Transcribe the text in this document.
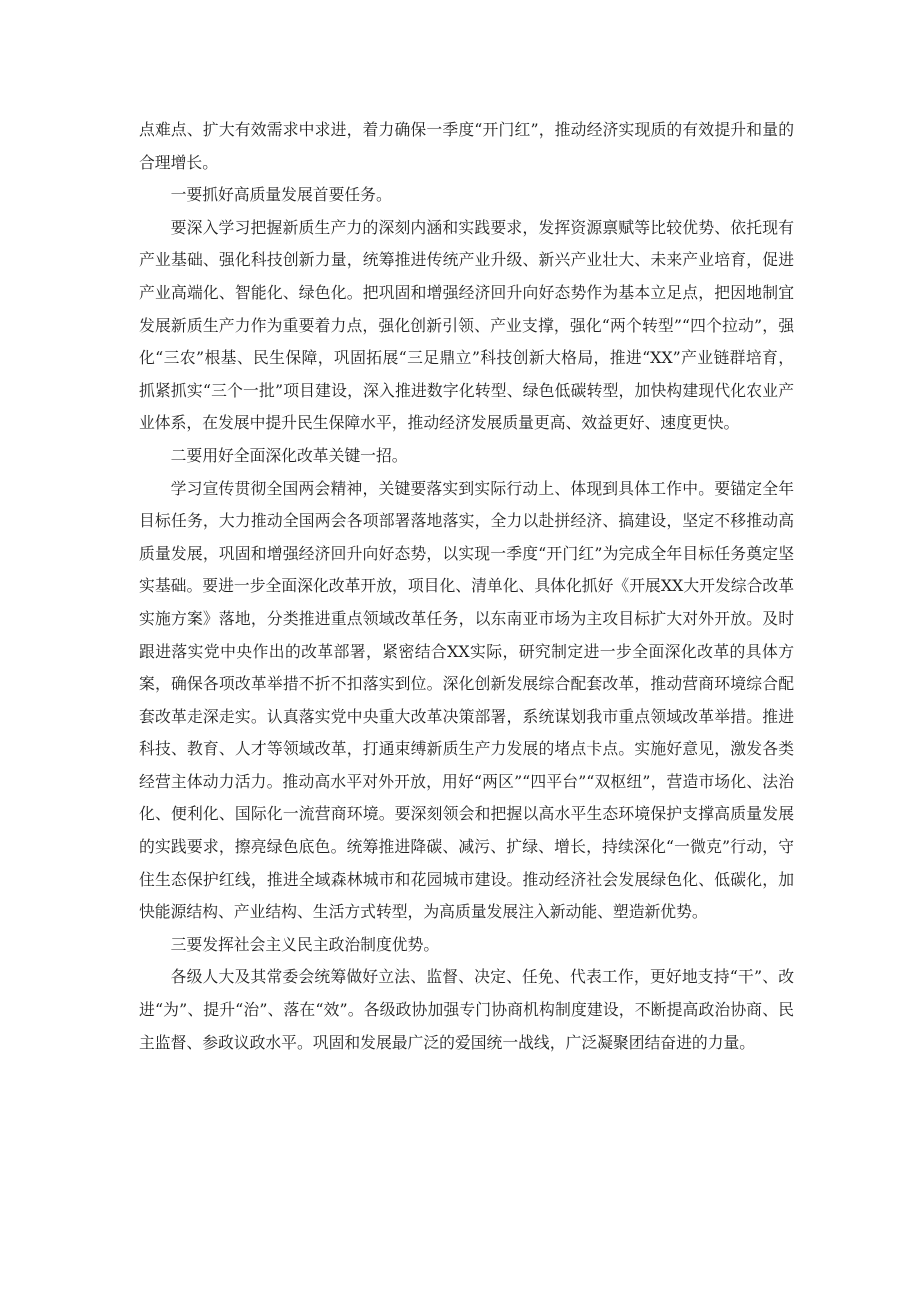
点难点、扩大有效需求中求进，着力确保一季度“开门红”，推动经济实现质的有效提升和量的合理增长。

一要抓好高质量发展首要任务。

要深入学习把握新质生产力的深刻内涵和实践要求，发挥资源禀赋等比较优势、依托现有产业基础、强化科技创新力量，统筹推进传统产业升级、新兴产业壮大、未来产业培育，促进产业高端化、智能化、绿色化。把巩固和增强经济回升向好态势作为基本立足点，把因地制宜发展新质生产力作为重要着力点，强化创新引领、产业支撑，强化“两个转型”“四个拉动”，强化“三农”根基、民生保障，巩固拓展“三足鼎立”科技创新大格局，推进“XX”产业链群培育，抓紧抓实“三个一批”项目建设，深入推进数字化转型、绿色低碳转型，加快构建现代化农业产业体系，在发展中提升民生保障水平，推动经济发展质量更高、效益更好、速度更快。

二要用好全面深化改革关键一招。

学习宣传贯彻全国两会精神，关键要落实到实际行动上、体现到具体工作中。要锚定全年目标任务，大力推动全国两会各项部署落地落实，全力以赴拼经济、搞建设，坚定不移推动高质量发展，巩固和增强经济回升向好态势，以实现一季度“开门红”为完成全年目标任务奠定坚实基础。要进一步全面深化改革开放，项目化、清单化、具体化抓好《开展XX大开发综合改革实施方案》落地，分类推进重点领域改革任务，以东南亚市场为主攻目标扩大对外开放。及时跟进落实党中央作出的改革部署，紧密结合XX实际，研究制定进一步全面深化改革的具体方案，确保各项改革举措不折不扣落实到位。深化创新发展综合配套改革，推动营商环境综合配套改革走深走实。认真落实党中央重大改革决策部署，系统谋划我市重点领域改革举措。推进科技、教育、人才等领域改革，打通束缚新质生产力发展的堵点卡点。实施好意见，激发各类经营主体动力活力。推动高水平对外开放，用好“两区”“四平台”“双枢纽”，营造市场化、法治化、便利化、国际化一流营商环境。要深刻领会和把握以高水平生态环境保护支撑高质量发展的实践要求，擦亮绿色底色。统筹推进降碳、减污、扩绿、增长，持续深化“一微克”行动，守住生态保护红线，推进全域森林城市和花园城市建设。推动经济社会发展绿色化、低碳化，加快能源结构、产业结构、生活方式转型，为高质量发展注入新动能、塑造新优势。

三要发挥社会主义民主政治制度优势。

各级人大及其常委会统筹做好立法、监督、决定、任免、代表工作，更好地支持“干”、改进“为”、提升“治”、落在“效”。各级政协加强专门协商机构制度建设，不断提高政治协商、民主监督、参政议政水平。巩固和发展最广泛的爱国统一战线，广泛凝聚团结奋进的力量。
